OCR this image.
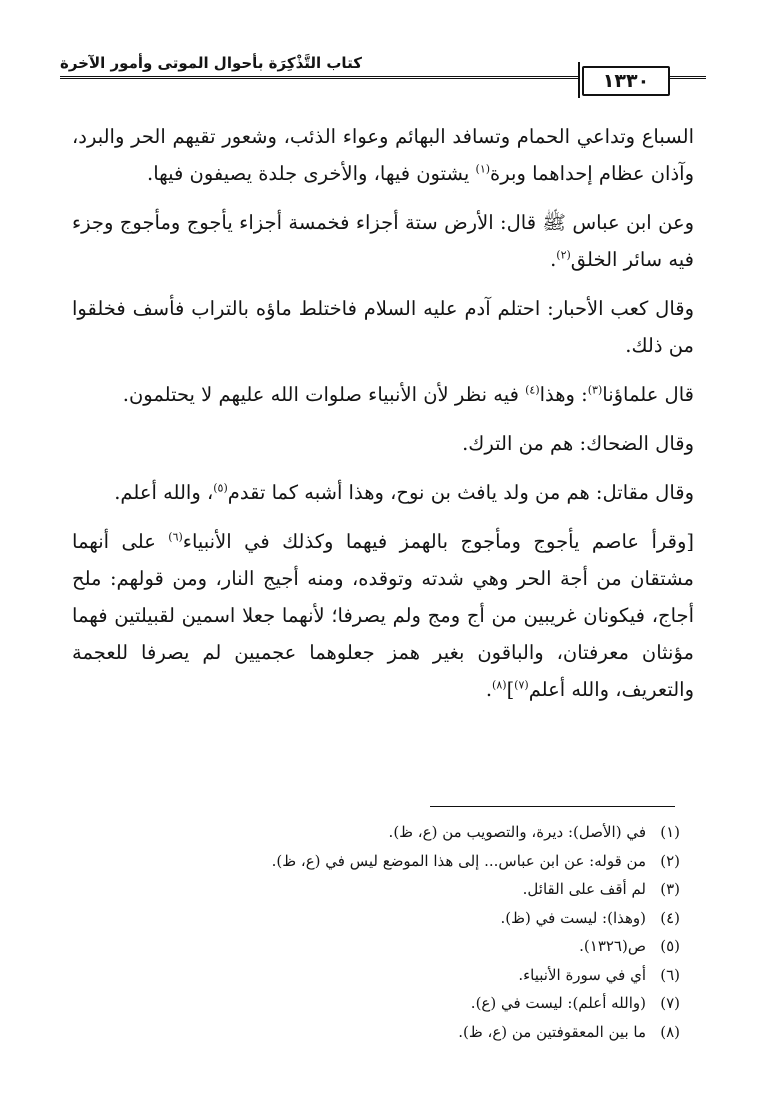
كتاب التَّذْكِرَة بأحوال الموتى وأمور الآخرة
١٣٣٠

السباع وتداعي الحمام وتسافد البهائم وعواء الذئب، وشعور تقيهم الحر والبرد، وآذان عظام إحداهما وبرة$^{(١)}$ يشتون فيها، والأخرى جلدة يصيفون فيها.

وعن ابن عباس ﷺ قال: الأرض ستة أجزاء فخمسة أجزاء يأجوج ومأجوج وجزء فيه سائر الخلق$^{(٢)}$.

وقال كعب الأحبار: احتلم آدم عليه السلام فاختلط ماؤه بالتراب فأسف فخلقوا من ذلك.

قال علماؤنا$^{(٣)}$: وهذا$^{(٤)}$ فيه نظر لأن الأنبياء صلوات الله عليهم لا يحتلمون.

وقال الضحاك: هم من الترك.

وقال مقاتل: هم من ولد يافث بن نوح، وهذا أشبه كما تقدم$^{(٥)}$، والله أعلم.

[وقرأ عاصم يأجوج ومأجوج بالهمز فيهما وكذلك في الأنبياء$^{(٦)}$ على أنهما مشتقان من أجة الحر وهي شدته وتوقده، ومنه أجيج النار، ومن قولهم: ملح أجاج، فيكونان غريبين من أج ومج ولم يصرفا؛ لأنهما جعلا اسمين لقبيلتين فهما مؤنثان معرفتان، والباقون بغير همز جعلوهما عجميين لم يصرفا للعجمة والتعريف، والله أعلم$^{(٧)}$]$^{(٨)}$.

(١)في (الأصل): ديرة، والتصويب من (ع، ظ).
(٢)من قوله: عن ابن عباس... إلى هذا الموضع ليس في (ع، ظ).
(٣)لم أقف على القائل.
(٤)(وهذا): ليست في (ظ).
(٥)ص(١٣٢٦).
(٦)أي في سورة الأنبياء.
(٧)(والله أعلم): ليست في (ع).
(٨)ما بين المعقوفتين من (ع، ظ).
